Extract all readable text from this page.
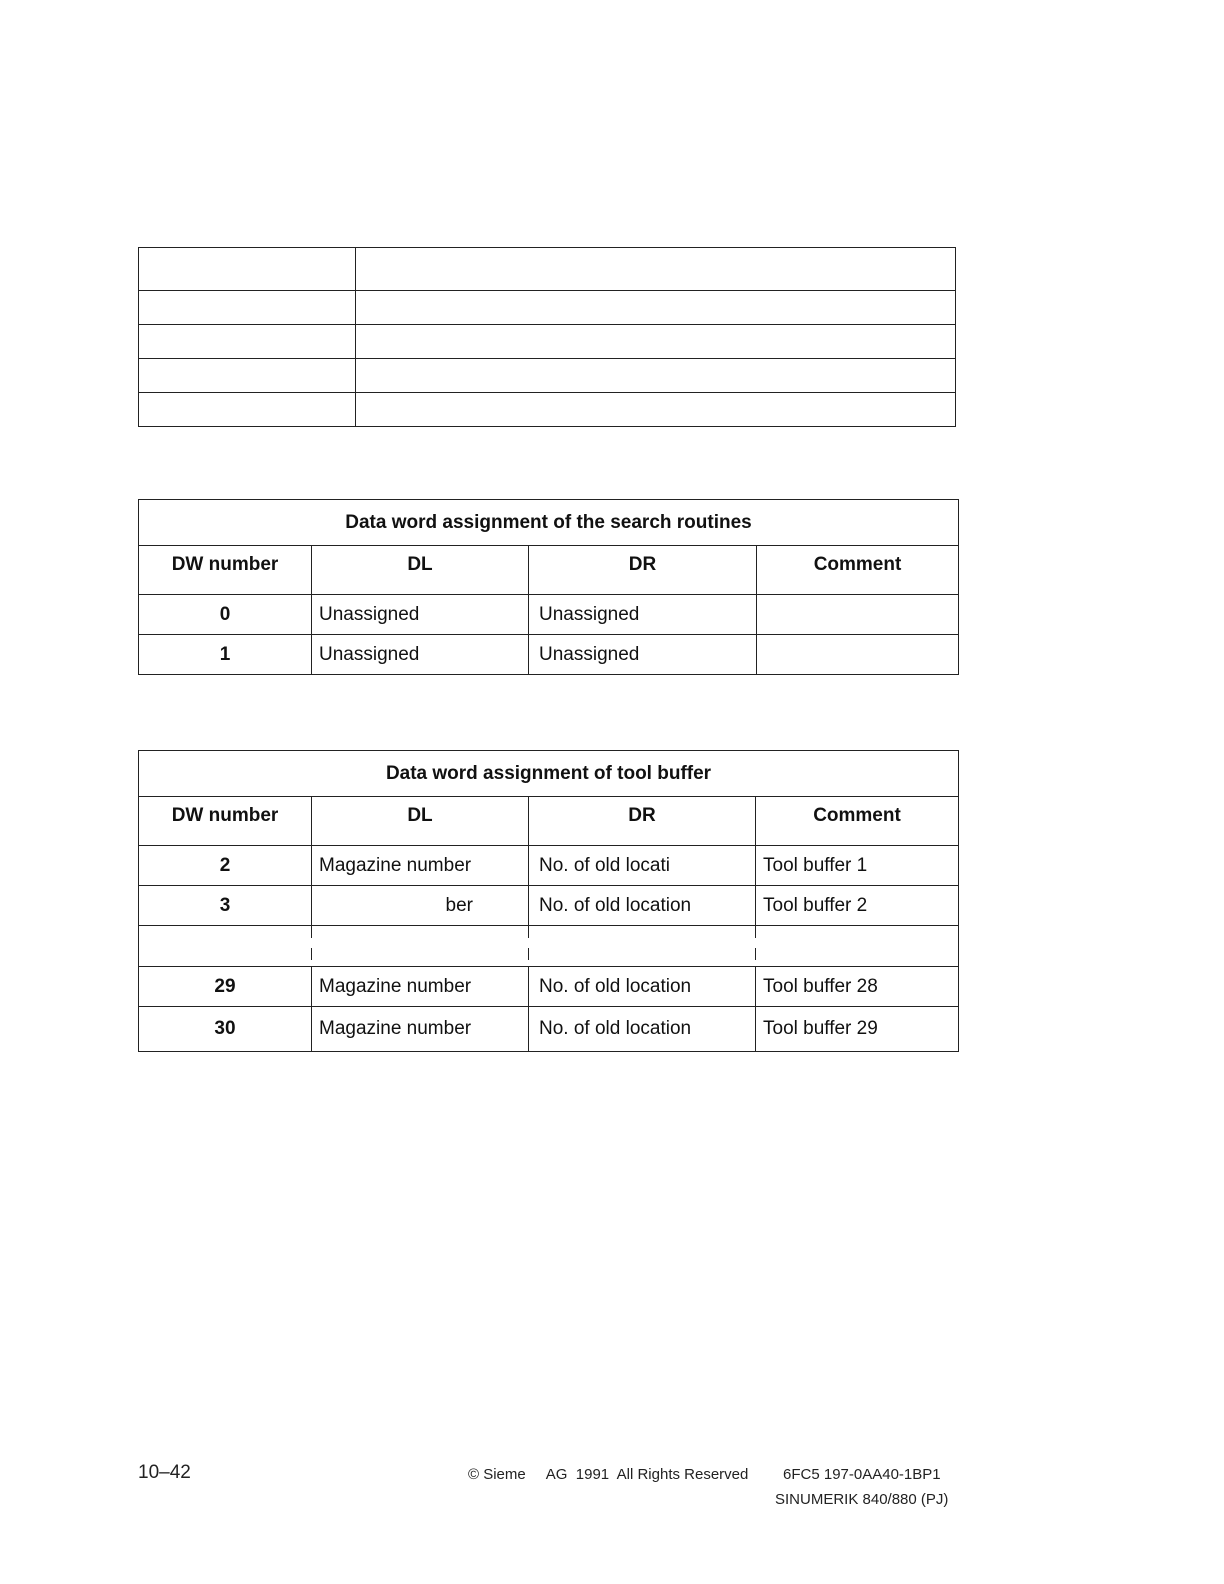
Data word assignment of the search routines			
DW number	DL	DR	Comment
0	Unassigned	Unassigned	
1	Unassigned	Unassigned	
Data word assignment of tool buffer			
DW number	DL	DR	Comment
2	Magazine number	No. of old locati	Tool buffer 1
3	ber	No. of old location	Tool buffer 2

29	Magazine number	No. of old location	Tool buffer 28
30	Magazine number	No. of old location	Tool buffer 29
10–42	© Sieme     AG  1991  All Rights Reserved 6FC5 197-0AA40-1BP1
SINUMERIK 840/880 (PJ)
